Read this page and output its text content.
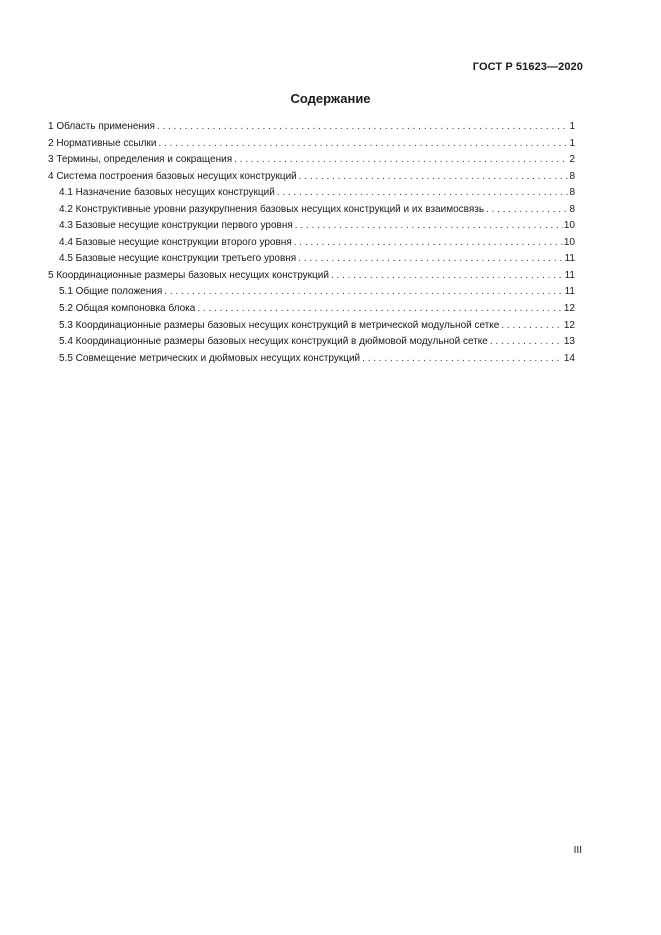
ГОСТ Р 51623—2020
Содержание
1 Область применения . . .	1
2 Нормативные ссылки . . .	1
3 Термины, определения и сокращения . . .	2
4 Система построения базовых несущих конструкций . . .	8
4.1 Назначение базовых несущих конструкций . . .	8
4.2 Конструктивные уровни разукрупнения базовых несущих конструкций и их взаимосвязь . . .	8
4.3 Базовые несущие конструкции первого уровня . . .	10
4.4 Базовые несущие конструкции второго уровня . . .	10
4.5 Базовые несущие конструкции третьего уровня . . .	11
5 Координационные размеры базовых несущих конструкций . . .	11
5.1 Общие положения . . .	11
5.2 Общая компоновка блока . . .	12
5.3 Координационные размеры базовых несущих конструкций в метрической модульной сетке . . .	12
5.4 Координационные размеры базовых несущих конструкций в дюймовой модульной сетке . . .	13
5.5 Совмещение метрических и дюймовых несущих конструкций . . .	14
III
